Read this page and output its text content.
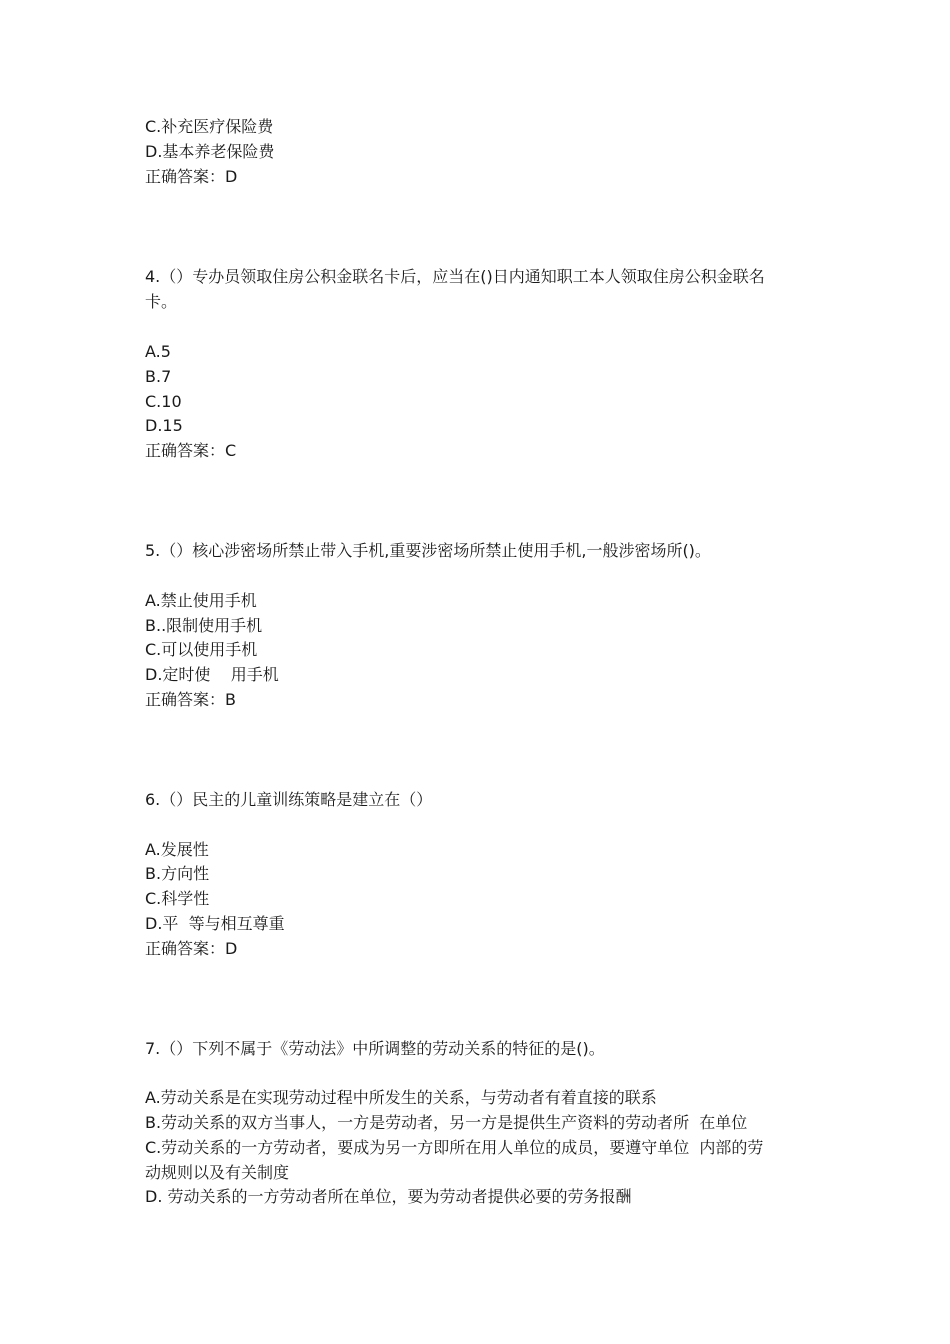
C.补充医疗保险费
D.基本养老保险费
正确答案：D
4.（）专办员领取住房公积金联名卡后，应当在()日内通知职工本人领取住房公积金联名
卡。
A.5
B.7
C.10
D.15
正确答案：C
5.（）核心涉密场所禁止带入手机,重要涉密场所禁止使用手机,一般涉密场所()。
A.禁止使用手机
B..限制使用手机
C.可以使用手机
D.定时使    用手机
正确答案：B
6.（）民主的儿童训练策略是建立在（）
A.发展性
B.方向性
C.科学性
D.平  等与相互尊重
正确答案：D
7.（）下列不属于《劳动法》中所调整的劳动关系的特征的是()。
A.劳动关系是在实现劳动过程中所发生的关系，与劳动者有着直接的联系
B.劳动关系的双方当事人，一方是劳动者，另一方是提供生产资料的劳动者所  在单位
C.劳动关系的一方劳动者，要成为另一方即所在用人单位的成员，要遵守单位  内部的劳
动规则以及有关制度
D. 劳动关系的一方劳动者所在单位，要为劳动者提供必要的劳务报酬
